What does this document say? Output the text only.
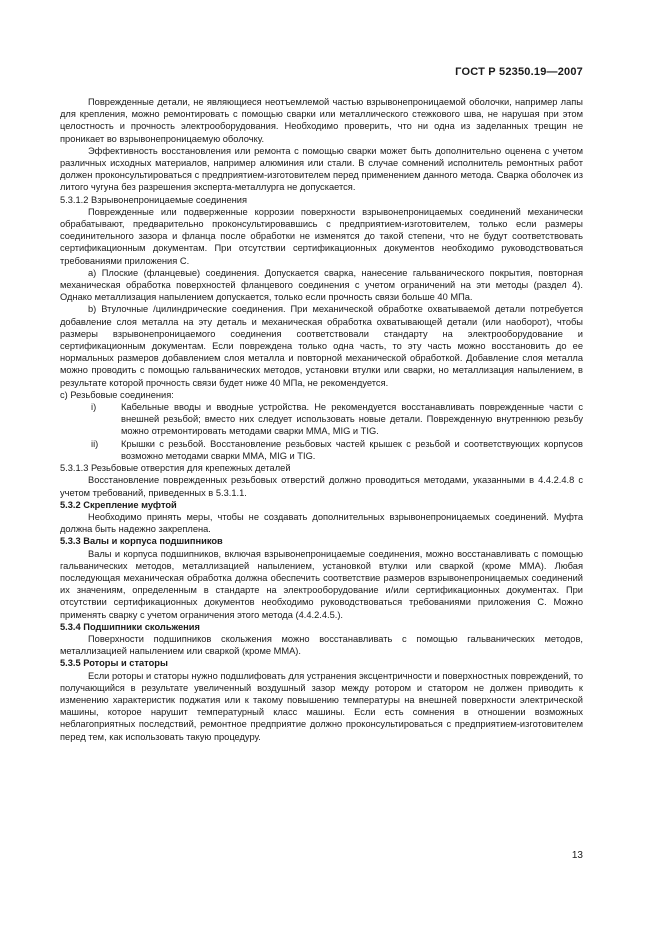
ГОСТ Р 52350.19—2007

Поврежденные детали, не являющиеся неотъемлемой частью взрывонепроницаемой оболочки, например лапы для крепления, можно ремонтировать с помощью сварки или металлического стежкового шва, не нарушая при этом целостность и прочность электрооборудования. Необходимо проверить, что ни одна из заделанных трещин не проникает во взрывонепроницаемую оболочку.

Эффективность восстановления или ремонта с помощью сварки может быть дополнительно оценена с учетом различных исходных материалов, например алюминия или стали. В случае сомнений исполнитель ремонтных работ должен проконсультироваться с предприятием-изготовителем перед применением данного метода. Сварка оболочек из литого чугуна без разрешения эксперта-металлурга не допускается.

5.3.1.2 Взрывонепроницаемые соединения

Поврежденные или подверженные коррозии поверхности взрывонепроницаемых соединений механически обрабатывают, предварительно проконсультировавшись с предприятием-изготовителем, только если размеры соединительного зазора и фланца после обработки не изменятся до такой степени, что не будут соответствовать сертификационным документам. При отсутствии сертификационных документов необходимо руководствоваться требованиями приложения С.

а) Плоские (фланцевые) соединения. Допускается сварка, нанесение гальванического покрытия, повторная механическая обработка поверхностей фланцевого соединения с учетом ограничений на эти методы (раздел 4). Однако металлизация напылением допускается, только если прочность связи больше 40 МПа.

b) Втулочные /цилиндрические соединения. При механической обработке охватываемой детали потребуется добавление слоя металла на эту деталь и механическая обработка охватывающей детали (или наоборот), чтобы размеры взрывонепроницаемого соединения соответствовали стандарту на электрооборудование и сертификационным документам. Если повреждена только одна часть, то эту часть можно восстановить до ее нормальных размеров добавлением слоя металла и повторной механической обработкой. Добавление слоя металла можно проводить с помощью гальванических методов, установки втулки или сварки, но металлизация напылением, в результате которой прочность связи будет ниже 40 МПа, не рекомендуется.

с) Резьбовые соединения:

i)	Кабельные вводы и вводные устройства. Не рекомендуется восстанавливать поврежденные части с внешней резьбой; вместо них следует использовать новые детали. Поврежденную внутреннюю резьбу можно отремонтировать методами сварки ММА, MIG и TIG.
ii)	Крышки с резьбой. Восстановление резьбовых частей крышек с резьбой и соответствующих корпусов возможно методами сварки ММА, MIG и TIG.

5.3.1.3 Резьбовые отверстия для крепежных деталей

Восстановление поврежденных резьбовых отверстий должно проводиться методами, указанными в 4.4.2.4.8 с учетом требований, приведенных в 5.3.1.1.

5.3.2 Скрепление муфтой

Необходимо принять меры, чтобы не создавать дополнительных взрывонепроницаемых соединений. Муфта должна быть надежно закреплена.

5.3.3 Валы и корпуса подшипников

Валы и корпуса подшипников, включая взрывонепроницаемые соединения, можно восстанавливать с помощью гальванических методов, металлизацией напылением, установкой втулки или сваркой (кроме ММА). Любая последующая механическая обработка должна обеспечить соответствие размеров взрывонепроницаемых соединений их значениям, определенным в стандарте на электрооборудование и/или сертификационных документах. При отсутствии сертификационных документов необходимо руководствоваться требованиями приложения С. Можно применять сварку с учетом ограничения этого метода (4.4.2.4.5.).

5.3.4 Подшипники скольжения

Поверхности подшипников скольжения можно восстанавливать с помощью гальванических методов, металлизацией напылением или сваркой (кроме ММА).

5.3.5 Роторы и статоры

Если роторы и статоры нужно подшлифовать для устранения эксцентричности и поверхностных повреждений, то получающийся в результате увеличенный воздушный зазор между ротором и статором не должен приводить к изменению характеристик поджатия или к такому повышению температуры на внешней поверхности электрической машины, которое нарушит температурный класс машины. Если есть сомнения в отношении возможных неблагоприятных последствий, ремонтное предприятие должно проконсультироваться с предприятием-изготовителем перед тем, как использовать такую процедуру.

13
